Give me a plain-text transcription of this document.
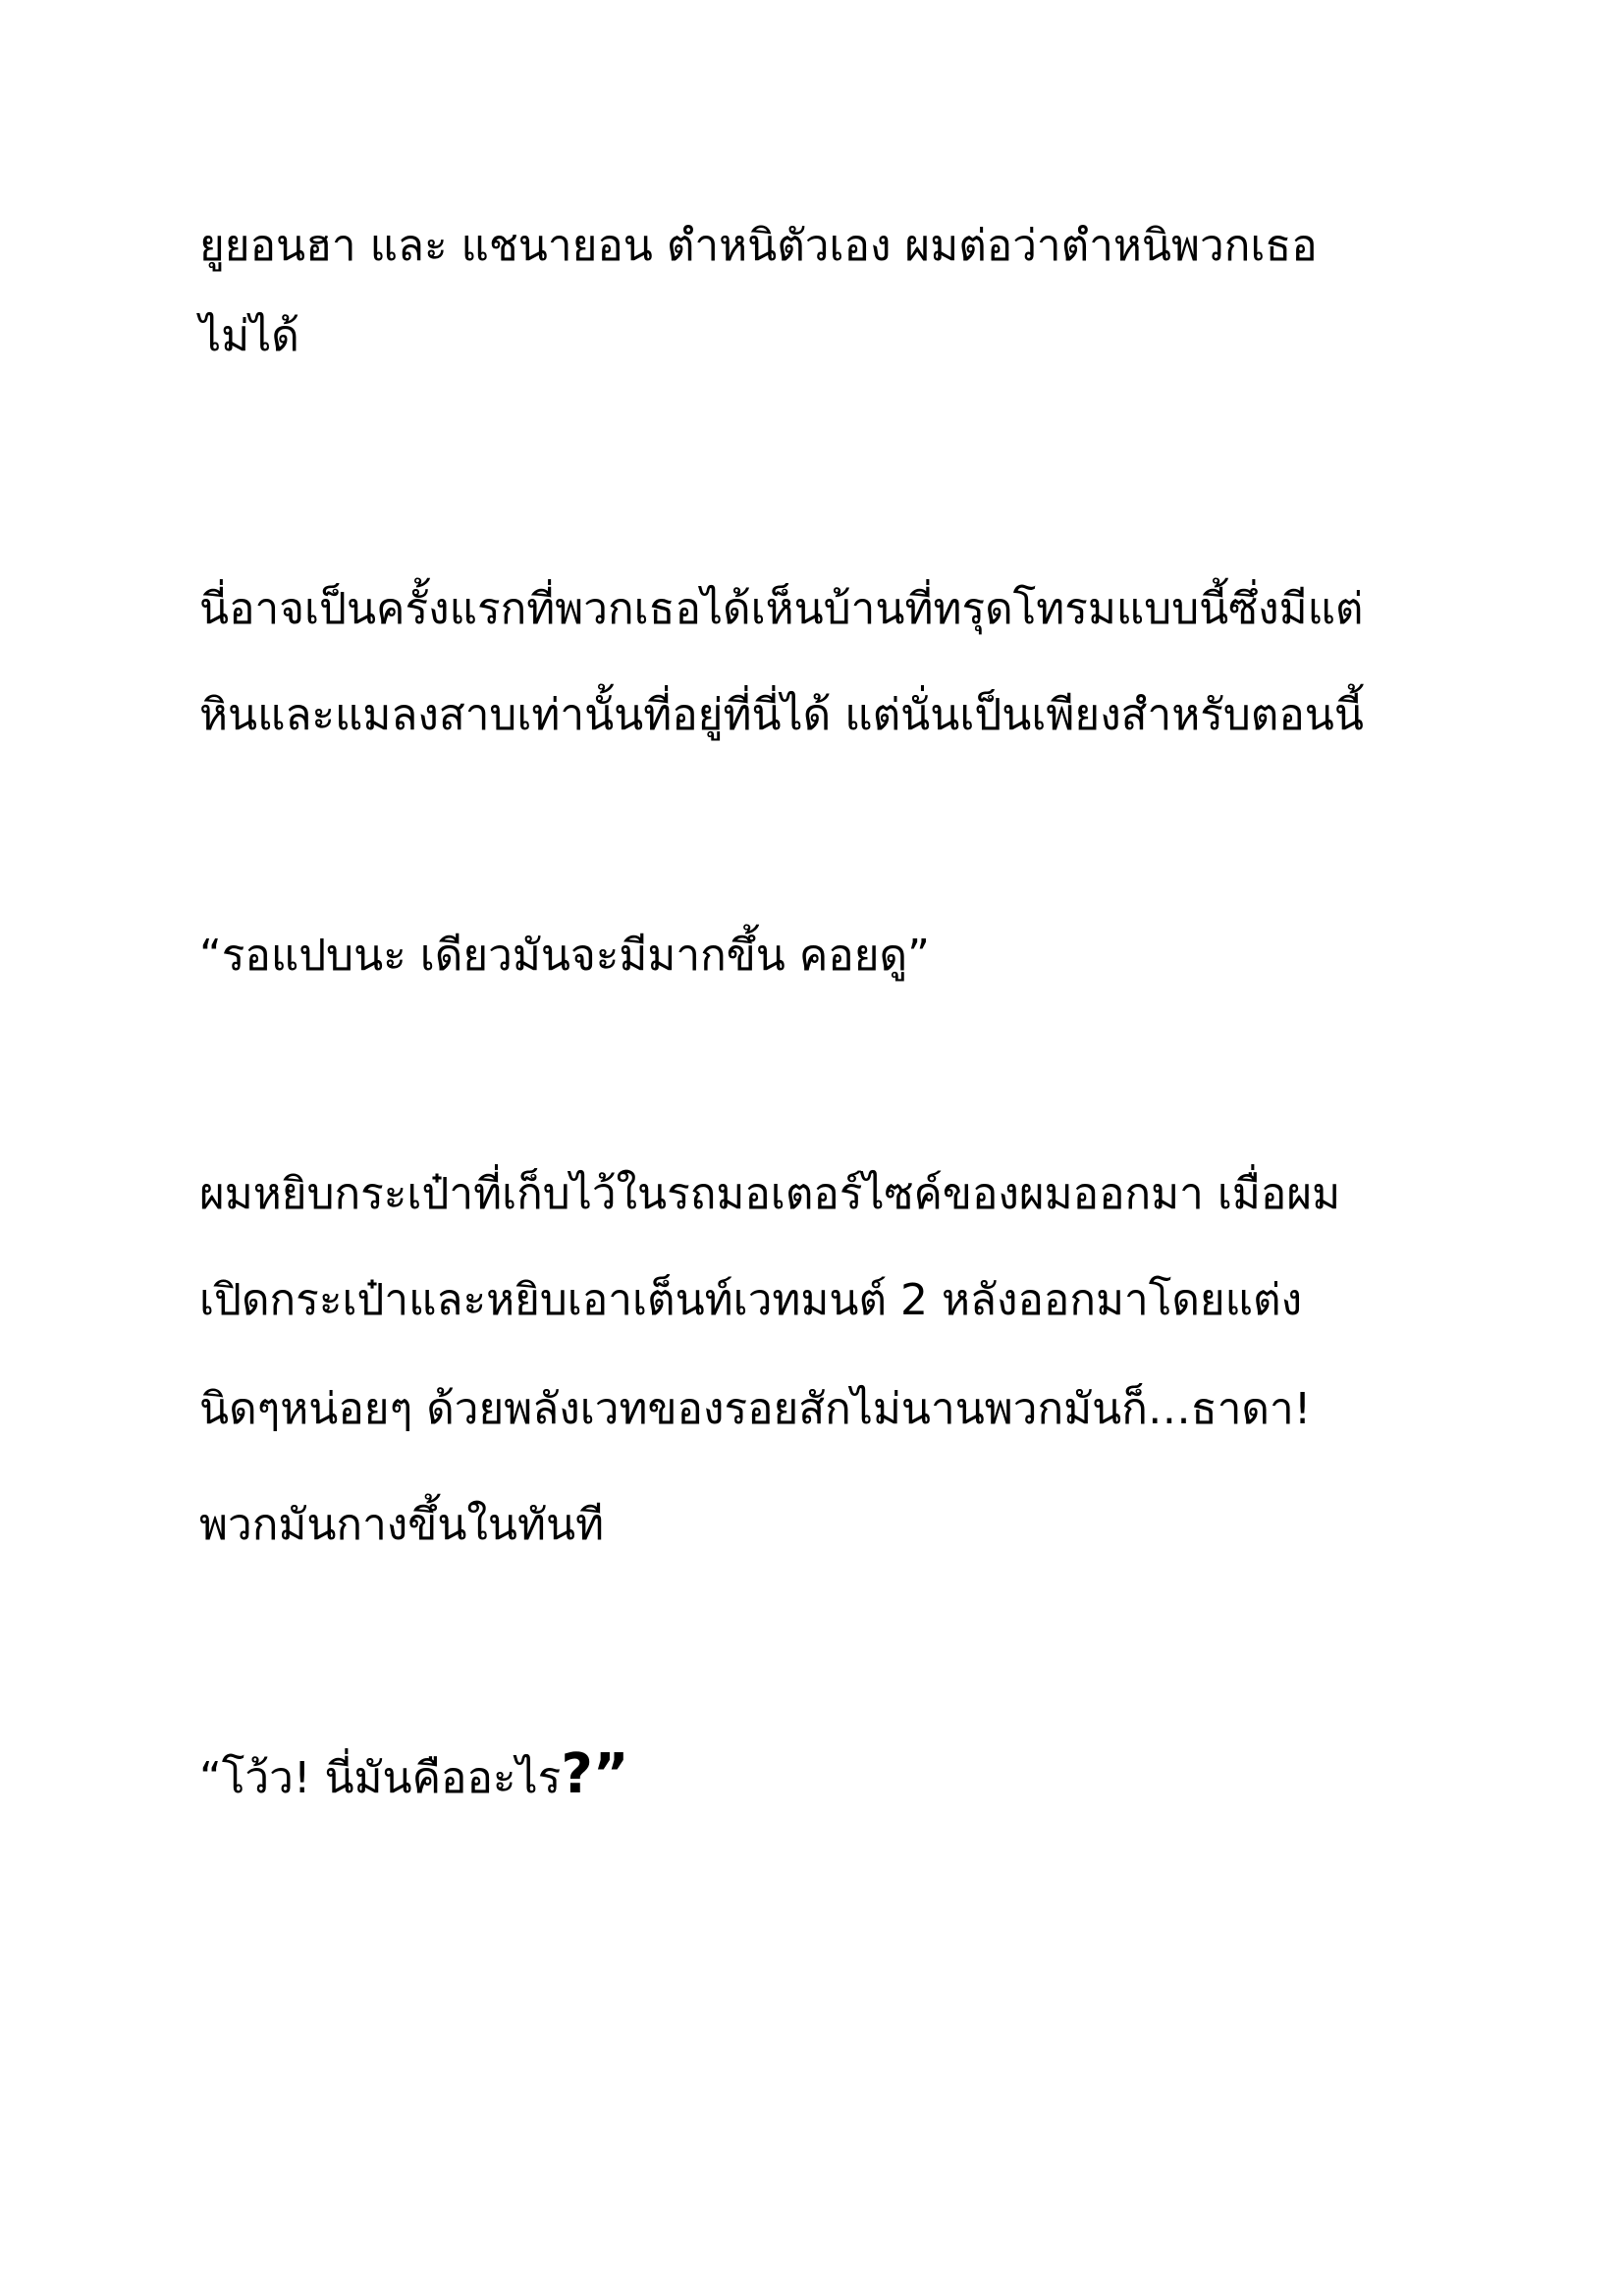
ยูยอนฮา และ แชนายอน ตำหนิตัวเอง ผมต่อว่าตำหนิพวกเธอ

ไม่ได้

นี่อาจเป็นครั้งแรกที่พวกเธอได้เห็นบ้านที่ทรุดโทรมแบบนี้ซึ่งมีแต่

หินและแมลงสาบเท่านั้นที่อยู่ที่นี่ได้ แต่นั่นเป็นเพียงสำหรับตอนนี้

“รอแปบนะ เดียวมันจะมีมากขึ้น คอยดู”

ผมหยิบกระเป๋าที่เก็บไว้ในรถมอเตอร์ไซค์ของผมออกมา เมื่อผม

เปิดกระเป๋าและหยิบเอาเต็นท์เวทมนต์ 2 หลังออกมาโดยแต่ง

นิดๆหน่อยๆ ด้วยพลังเวทของรอยสักไม่นานพวกมันก็…ธาดา!

พวกมันกางขึ้นในทันที

“โว้ว! นี่มันคืออะไร?”
